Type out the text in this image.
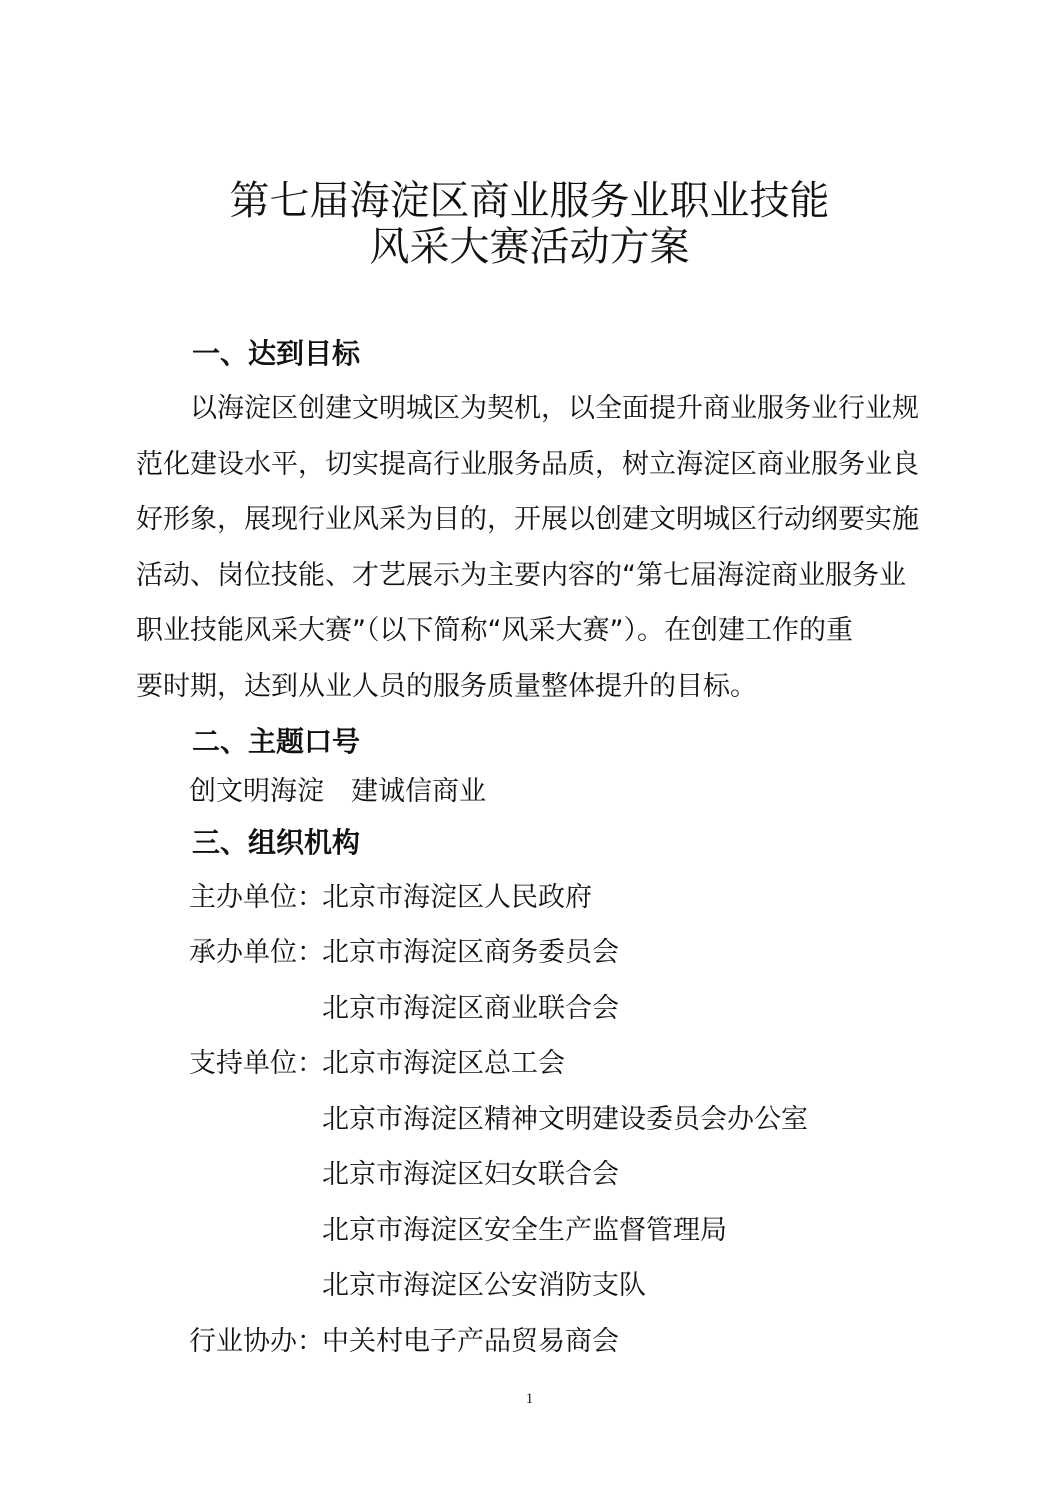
第七届海淀区商业服务业职业技能
风采大赛活动方案
一、达到目标
　　以海淀区创建文明城区为契机，以全面提升商业服务业行业规
范化建设水平，切实提高行业服务品质，树立海淀区商业服务业良
好形象，展现行业风采为目的，开展以创建文明城区行动纲要实施
活动、岗位技能、才艺展示为主要内容的“第七届海淀商业服务业
职业技能风采大赛”（以下简称“风采大赛”）。在创建工作的重
要时期，达到从业人员的服务质量整体提升的目标。
二、主题口号
创文明海淀　建诚信商业
三、组织机构
主办单位：
北京市海淀区人民政府
承办单位：
北京市海淀区商务委员会
北京市海淀区商业联合会
支持单位：
北京市海淀区总工会
北京市海淀区精神文明建设委员会办公室
北京市海淀区妇女联合会
北京市海淀区安全生产监督管理局
北京市海淀区公安消防支队
行业协办：
中关村电子产品贸易商会
1
